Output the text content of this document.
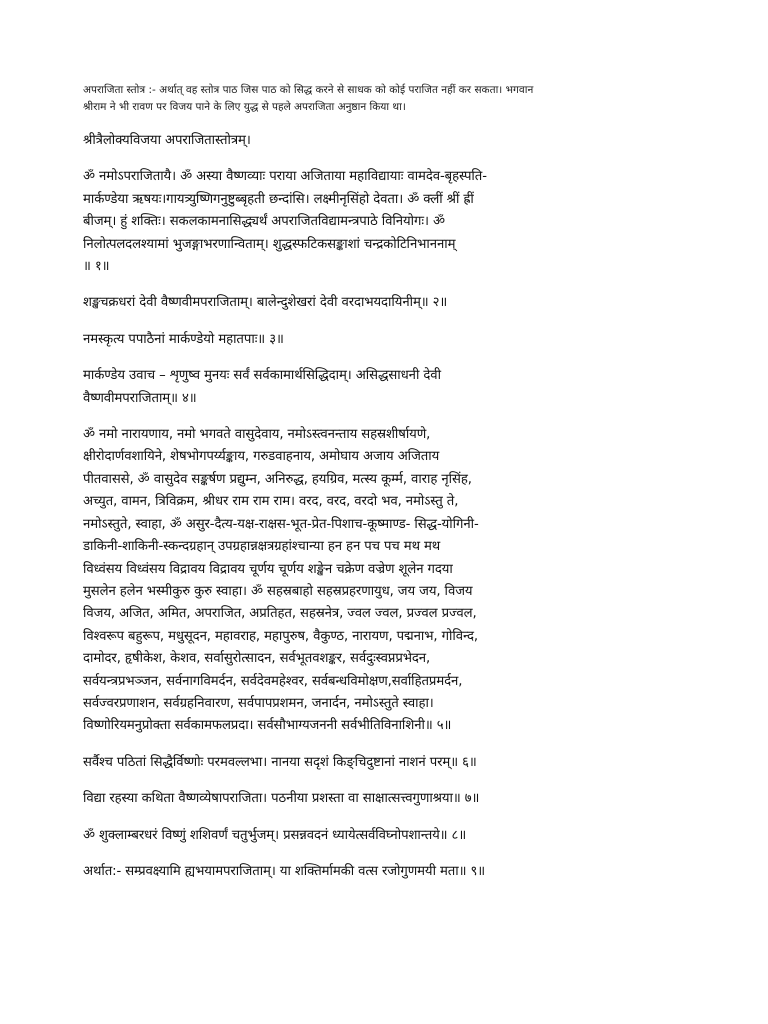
अपराजिता स्तोत्र :- अर्थात् वह स्तोत्र पाठ जिस पाठ को सिद्ध करने से साधक को कोई पराजित नहीं कर सकता। भगवान
श्रीराम ने भी रावण पर विजय पाने के लिए युद्ध से पहले अपराजिता अनुष्ठान किया था।

श्रीत्रैलोक्यविजया अपराजितास्तोत्रम्।

ॐ नमोऽपराजितायै। ॐ अस्या वैष्णव्याः पराया अजिताया महाविद्यायाः वामदेव-बृहस्पति-
मार्कण्डेया ऋषयः।गायत्र्युष्णिगनुष्टुब्बृहती छन्दांसि। लक्ष्मीनृसिंहो देवता। ॐ क्लीं श्रीं ह्रीं
बीजम्। हुं शक्तिः। सकलकामनासिद्ध्यर्थं अपराजितविद्यामन्त्रपाठे विनियोगः। ॐ
निलोत्पलदलश्यामां भुजङ्गाभरणान्विताम्। शुद्धस्फटिकसङ्काशां चन्द्रकोटिनिभाननाम्
॥ १॥

शङ्खचक्रधरां देवी वैष्णवीमपराजिताम्। बालेन्दुशेखरां देवी वरदाभयदायिनीम्॥ २॥

नमस्कृत्य पपाठैनां मार्कण्डेयो महातपाः॥ ३॥

मार्कण्डेय उवाच – शृणुष्व मुनयः सर्वं सर्वकामार्थसिद्धिदाम्। असिद्धसाधनी देवी
वैष्णवीमपराजिताम्॥ ४॥

ॐ नमो नारायणाय, नमो भगवते वासुदेवाय, नमोऽस्त्वनन्ताय सहस्रशीर्षायणे,
क्षीरोदार्णवशायिने, शेषभोगपर्य्यङ्काय, गरुडवाहनाय, अमोघाय अजाय अजिताय
पीतवाससे, ॐ वासुदेव सङ्कर्षण प्रद्युम्न, अनिरुद्ध, हयग्रिव, मत्स्य कूर्म्म, वाराह नृसिंह,
अच्युत, वामन, त्रिविक्रम, श्रीधर राम राम राम। वरद, वरद, वरदो भव, नमोऽस्तु ते,
नमोऽस्तुते, स्वाहा, ॐ असुर-दैत्य-यक्ष-राक्षस-भूत-प्रेत-पिशाच-कूष्माण्ड- सिद्ध-योगिनी-
डाकिनी-शाकिनी-स्कन्दग्रहान् उपग्रहान्नक्षत्रग्रहांश्चान्या हन हन पच पच मथ मथ
विध्वंसय विध्वंसय विद्रावय विद्रावय चूर्णय चूर्णय शङ्खेन चक्रेण वज्रेण शूलेन गदया
मुसलेन हलेन भस्मीकुरु कुरु स्वाहा। ॐ सहस्रबाहो सहस्रप्रहरणायुध, जय जय, विजय
विजय, अजित, अमित, अपराजित, अप्रतिहत, सहस्रनेत्र, ज्वल ज्वल, प्रज्वल प्रज्वल,
विश्वरूप बहुरूप, मधुसूदन, महावराह, महापुरुष, वैकुण्ठ, नारायण, पद्मनाभ, गोविन्द,
दामोदर, हृषीकेश, केशव, सर्वासुरोत्सादन, सर्वभूतवशङ्कर, सर्वदुःस्वप्नप्रभेदन,
सर्वयन्त्रप्रभञ्जन, सर्वनागविमर्दन, सर्वदेवमहेश्वर, सर्वबन्धविमोक्षण,सर्वाहितप्रमर्दन,
सर्वज्वरप्रणाशन, सर्वग्रहनिवारण, सर्वपापप्रशमन, जनार्दन, नमोऽस्तुते स्वाहा।
विष्णोरियमनुप्रोक्ता सर्वकामफलप्रदा। सर्वसौभाग्यजननी सर्वभीतिविनाशिनी॥ ५॥

सर्वैश्च पठितां सिद्धैर्विष्णोः परमवल्लभा। नानया सदृशं किङ्चिदुष्टानां नाशनं परम्॥ ६॥

विद्या रहस्या कथिता वैष्णव्येषापराजिता। पठनीया प्रशस्ता वा साक्षात्सत्त्वगुणाश्रया॥ ७॥

ॐ शुक्लाम्बरधरं विष्णुं शशिवर्णं चतुर्भुजम्। प्रसन्नवदनं ध्यायेत्सर्वविघ्नोपशान्तये॥ ८॥

अर्थात:- सम्प्रवक्ष्यामि ह्यभयामपराजिताम्। या शक्तिर्मामकी वत्स रजोगुणमयी मता॥ ९॥
